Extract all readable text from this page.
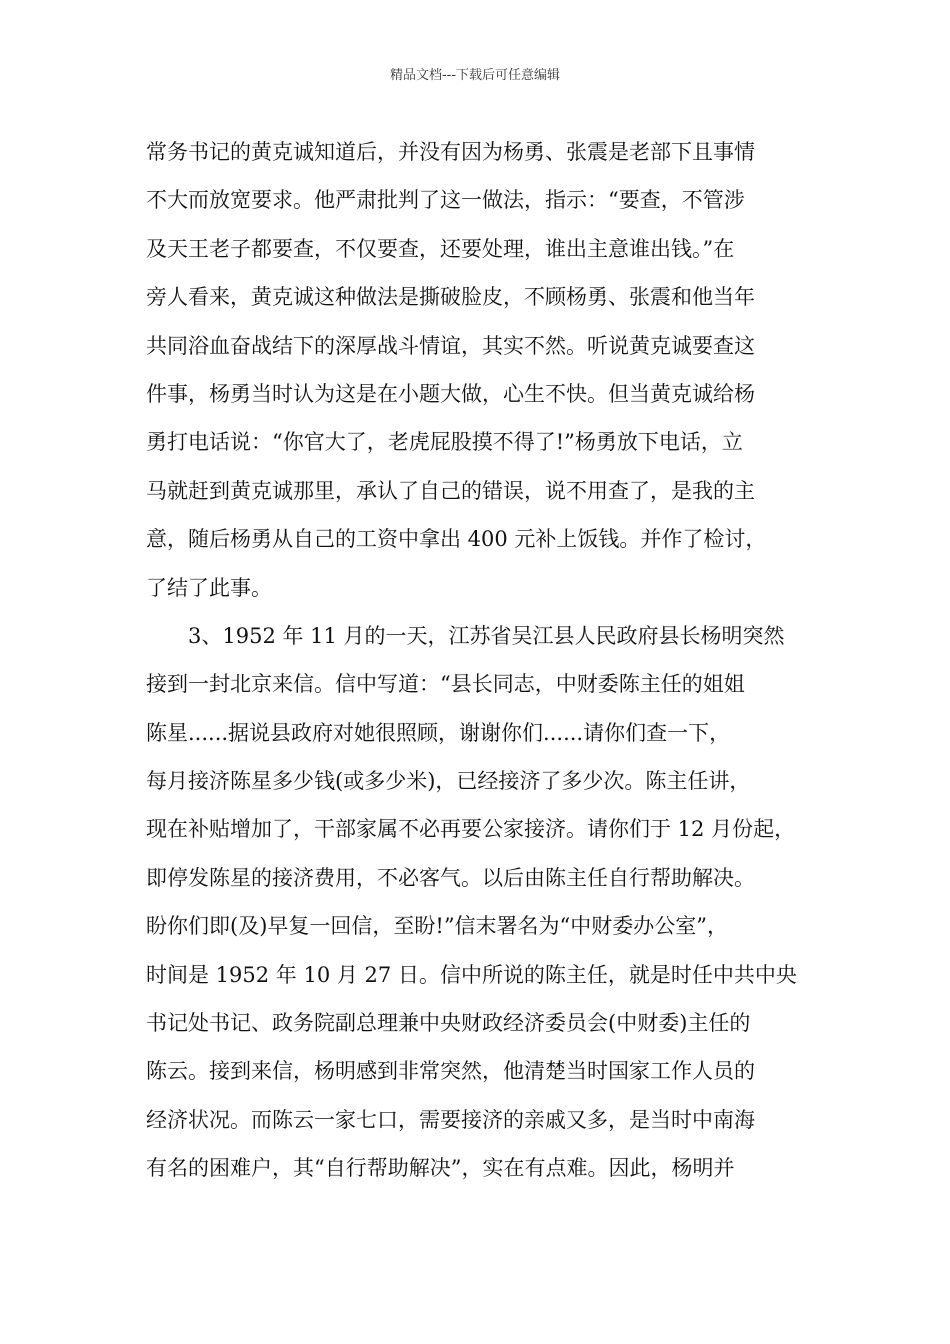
精品文档---下载后可任意编辑
常务书记的黄克诚知道后，并没有因为杨勇、张震是老部下且事情
不大而放宽要求。他严肃批判了这一做法，指示：“要查，不管涉
及天王老子都要查，不仅要查，还要处理，谁出主意谁出钱。”在
旁人看来，黄克诚这种做法是撕破脸皮，不顾杨勇、张震和他当年
共同浴血奋战结下的深厚战斗情谊，其实不然。听说黄克诚要查这
件事，杨勇当时认为这是在小题大做，心生不快。但当黄克诚给杨
勇打电话说：“你官大了，老虎屁股摸不得了!”杨勇放下电话，立
马就赶到黄克诚那里，承认了自己的错误，说不用查了，是我的主
意，随后杨勇从自己的工资中拿出 400 元补上饭钱。并作了检讨，
了结了此事。
3、1952 年 11 月的一天，江苏省吴江县人民政府县长杨明突然
接到一封北京来信。信中写道：“县长同志，中财委陈主任的姐姐
陈星......据说县政府对她很照顾，谢谢你们......请你们查一下，
每月接济陈星多少钱(或多少米)，已经接济了多少次。陈主任讲，
现在补贴增加了，干部家属不必再要公家接济。请你们于 12 月份起，
即停发陈星的接济费用，不必客气。以后由陈主任自行帮助解决。
盼你们即(及)早复一回信，至盼!”信末署名为“中财委办公室”，
时间是 1952 年 10 月 27 日。信中所说的陈主任，就是时任中共中央
书记处书记、政务院副总理兼中央财政经济委员会(中财委)主任的
陈云。接到来信，杨明感到非常突然，他清楚当时国家工作人员的
经济状况。而陈云一家七口，需要接济的亲戚又多，是当时中南海
有名的困难户，其“自行帮助解决”，实在有点难。因此，杨明并
